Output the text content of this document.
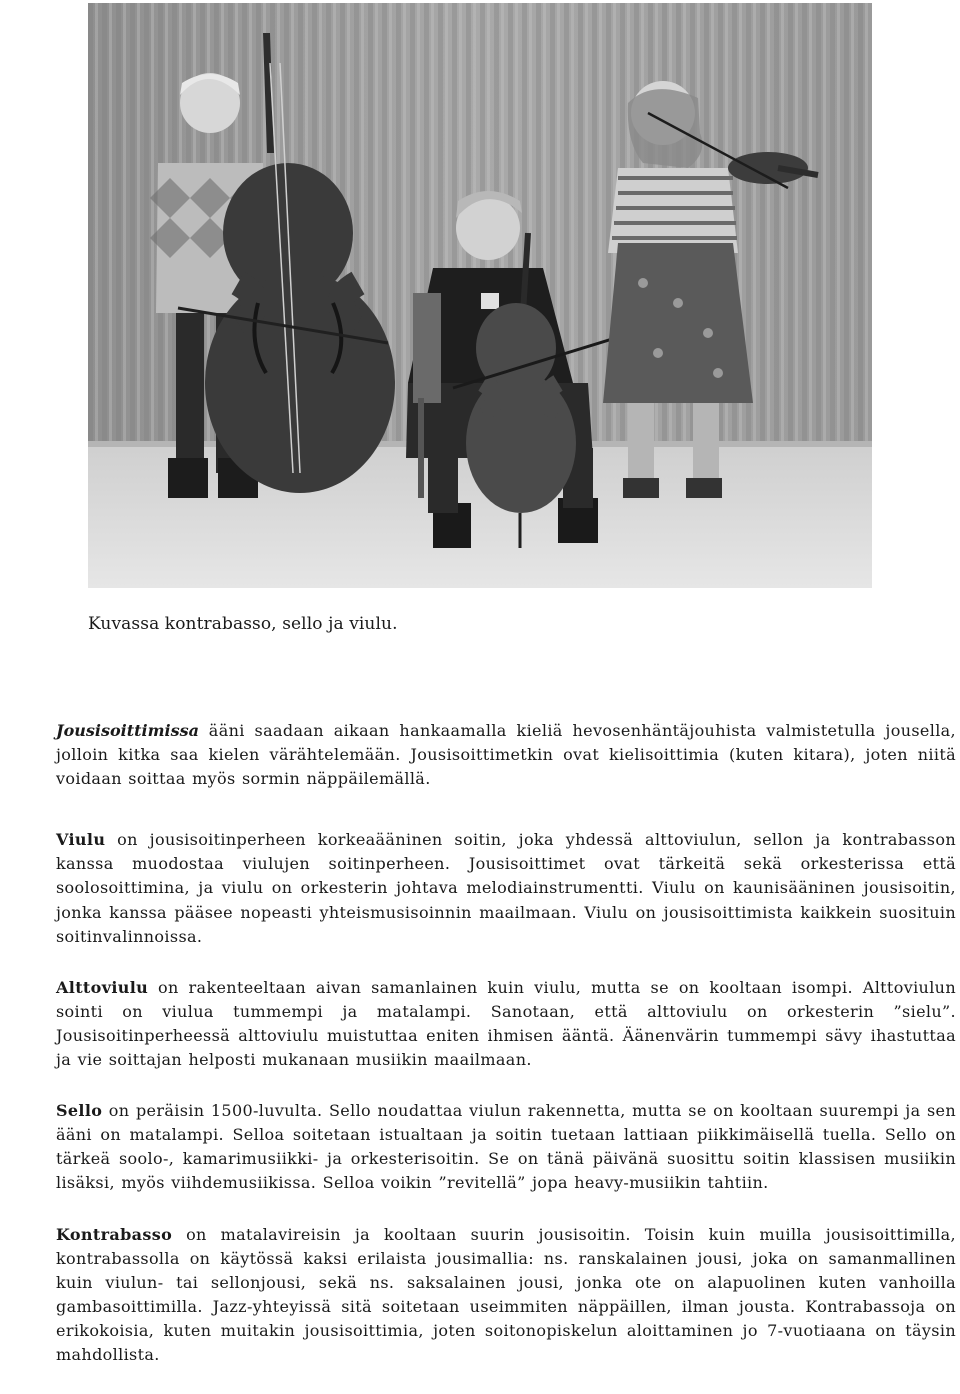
Kuvassa kontrabasso, sello ja viulu.

Jousisoittimissa ääni saadaan aikaan hankaamalla kieliä hevosenhäntäjouhista valmistetulla jousella, jolloin kitka saa kielen värähtelemään. Jousisoittimetkin ovat kielisoittimia (kuten kitara), joten niitä voidaan soittaa myös sormin näppäilemällä.

Viulu on jousisoitinperheen korkeaääninen soitin, joka yhdessä alttoviulun, sellon ja kontrabasson kanssa muodostaa viulujen soitinperheen. Jousisoittimet ovat tärkeitä sekä orkesterissa että soolosoittimina, ja viulu on orkesterin johtava melodiainstrumentti. Viulu on kaunisääninen jousisoitin, jonka kanssa pääsee nopeasti yhteismusisoinnin maailmaan. Viulu on jousisoittimista kaikkein suosituin soitinvalinnoissa.

Alttoviulu on rakenteeltaan aivan samanlainen kuin viulu, mutta se on kooltaan isompi. Alttoviulun sointi on viulua tummempi ja matalampi. Sanotaan, että alttoviulu on orkesterin ”sielu”. Jousisoitinperheessä alttoviulu muistuttaa eniten ihmisen ääntä. Äänenvärin tummempi sävy ihastuttaa ja vie soittajan helposti mukanaan musiikin maailmaan.

Sello on peräisin 1500-luvulta. Sello noudattaa viulun rakennetta, mutta se on kooltaan suurempi ja sen ääni on matalampi. Selloa soitetaan istualtaan ja soitin tuetaan lattiaan piikkimäisellä tuella. Sello on tärkeä soolo-, kamarimusiikki- ja orkesterisoitin. Se on tänä päivänä suosittu soitin klassisen musiikin lisäksi, myös viihdemusiikissa. Selloa voikin ”revitellä” jopa heavy-musiikin tahtiin.

Kontrabasso on matalavireisin ja kooltaan suurin jousisoitin. Toisin kuin muilla jousisoittimilla, kontrabassolla on käytössä kaksi erilaista jousimallia: ns. ranskalainen jousi, joka on samanmallinen kuin viulun- tai sellonjousi, sekä ns. saksalainen jousi, jonka ote on alapuolinen kuten vanhoilla gambasoittimilla. Jazz-yhteyissä sitä soitetaan useimmiten näppäillen, ilman jousta. Kontrabassoja on erikokoisia, kuten muitakin jousisoittimia, joten soitonopiskelun aloittaminen jo 7-vuotiaana on täysin mahdollista.
